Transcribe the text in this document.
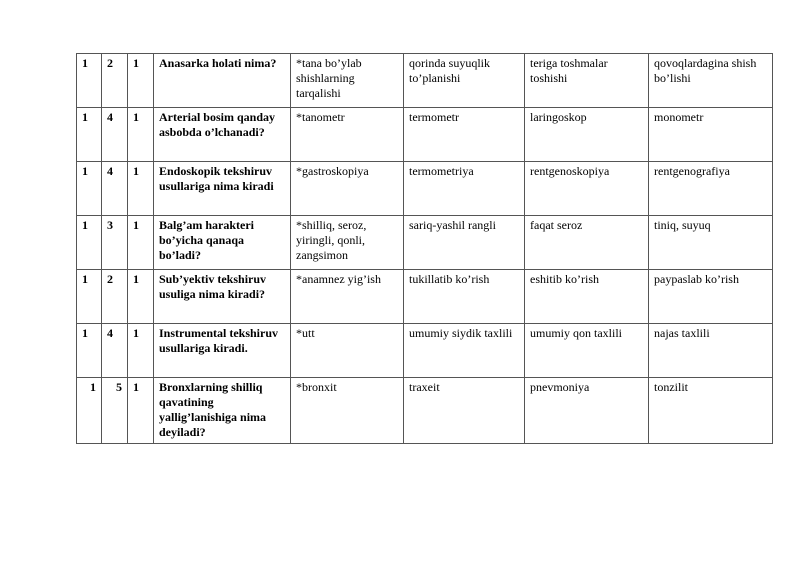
1	2	1	Anasarka holati nima?	*tana bo’ylab shishlarning tarqalishi	qorinda suyuqlik to’planishi	teriga toshmalar toshishi	qovoqlardagina shish bo’lishi
1	4	1	Arterial bosim qanday asbobda o’lchanadi?	*tanometr	termometr	laringoskop	monometr
1	4	1	Endoskopik tekshiruv usullariga nima kiradi	*gastroskopiya	termometriya	rentgenoskopiya	rentgenografiya
1	3	1	Balg’am harakteri bo’yicha qanaqa bo’ladi?	*shilliq, seroz, yiringli, qonli, zangsimon	sariq-yashil rangli	faqat seroz	tiniq, suyuq
1	2	1	Sub’yektiv tekshiruv usuliga nima kiradi?	*anamnez yig’ish	tukillatib ko’rish	eshitib ko’rish	paypaslab ko’rish
1	4	1	Instrumental tekshiruv usullariga kiradi.	*utt	umumiy siydik taxlili	umumiy qon taxlili	najas taxlili
1	5	1	Bronxlarning shilliq qavatining yallig’lanishiga nima deyiladi?	*bronxit	traxeit	pnevmoniya	tonzilit
